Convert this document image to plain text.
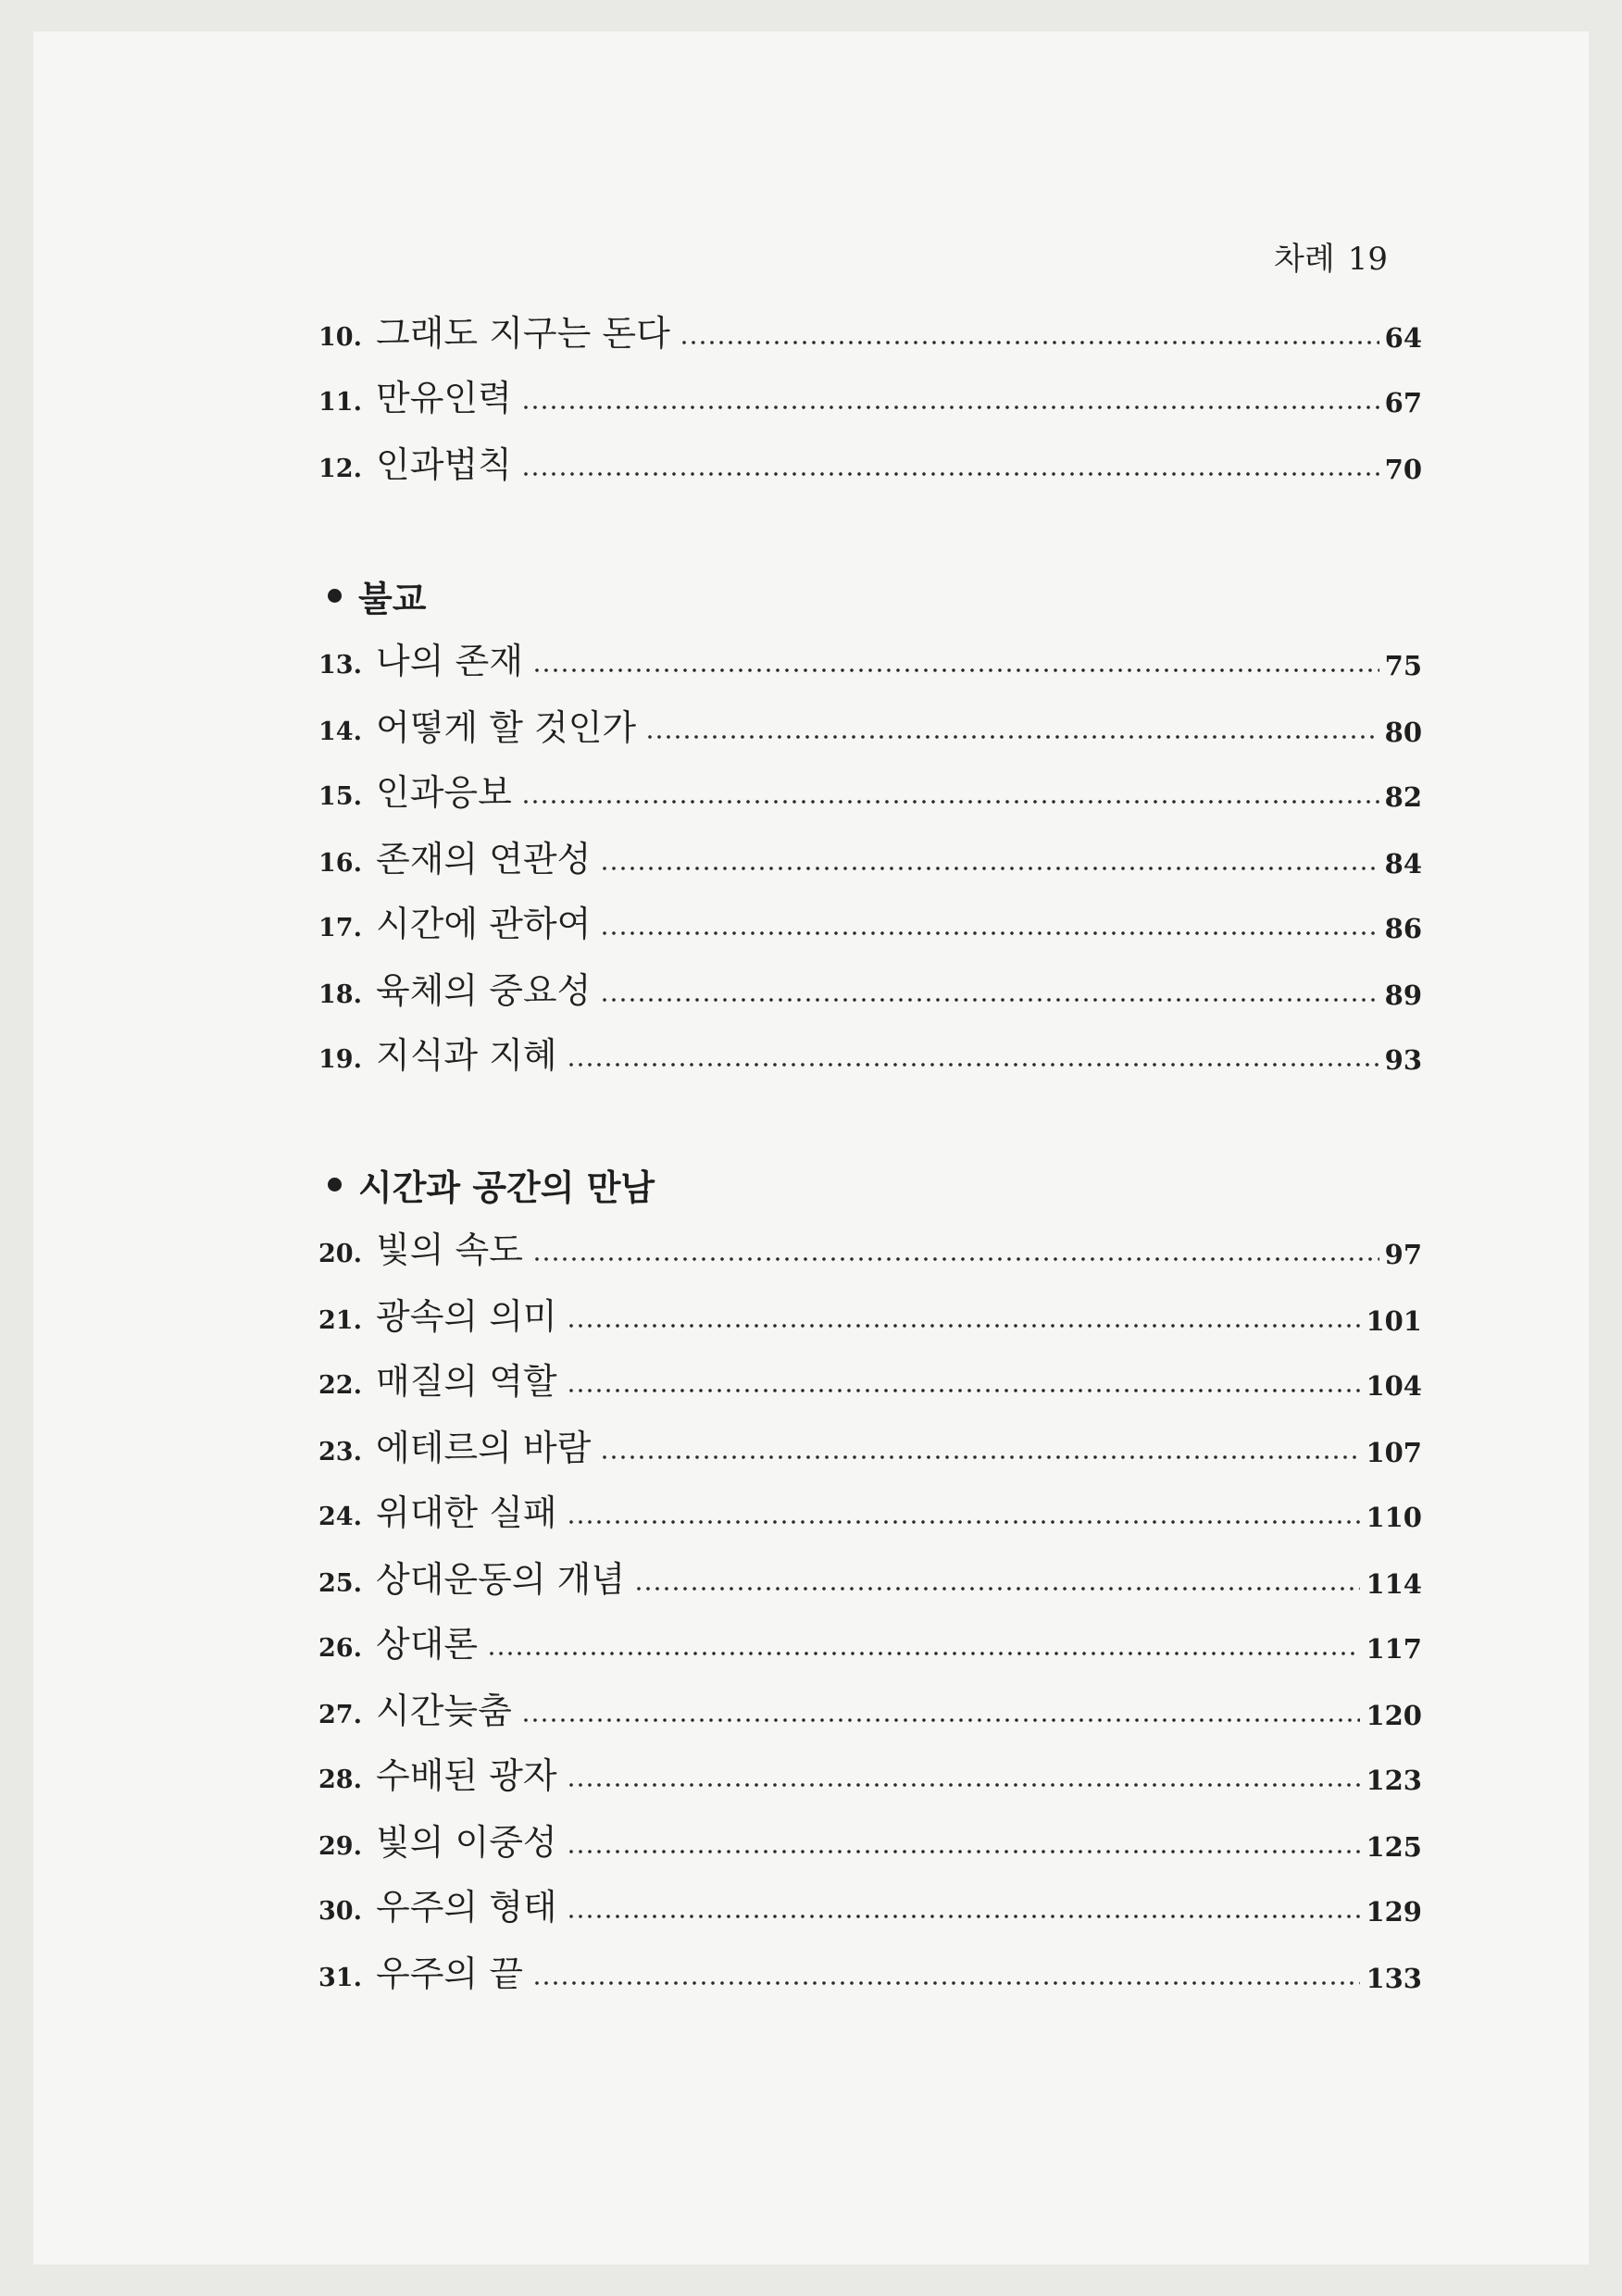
차례 19
10. 그래도 지구는 돈다	64
11. 만유인력	67
12. 인과법칙	70
불교
13. 나의 존재	75
14. 어떻게 할 것인가	80
15. 인과응보	82
16. 존재의 연관성	84
17. 시간에 관하여	86
18. 육체의 중요성	89
19. 지식과 지혜	93
시간과 공간의 만남
20. 빛의 속도	97
21. 광속의 의미	101
22. 매질의 역할	104
23. 에테르의 바람	107
24. 위대한 실패	110
25. 상대운동의 개념	114
26. 상대론	117
27. 시간늦춤	120
28. 수배된 광자	123
29. 빛의 이중성	125
30. 우주의 형태	129
31. 우주의 끝	133
